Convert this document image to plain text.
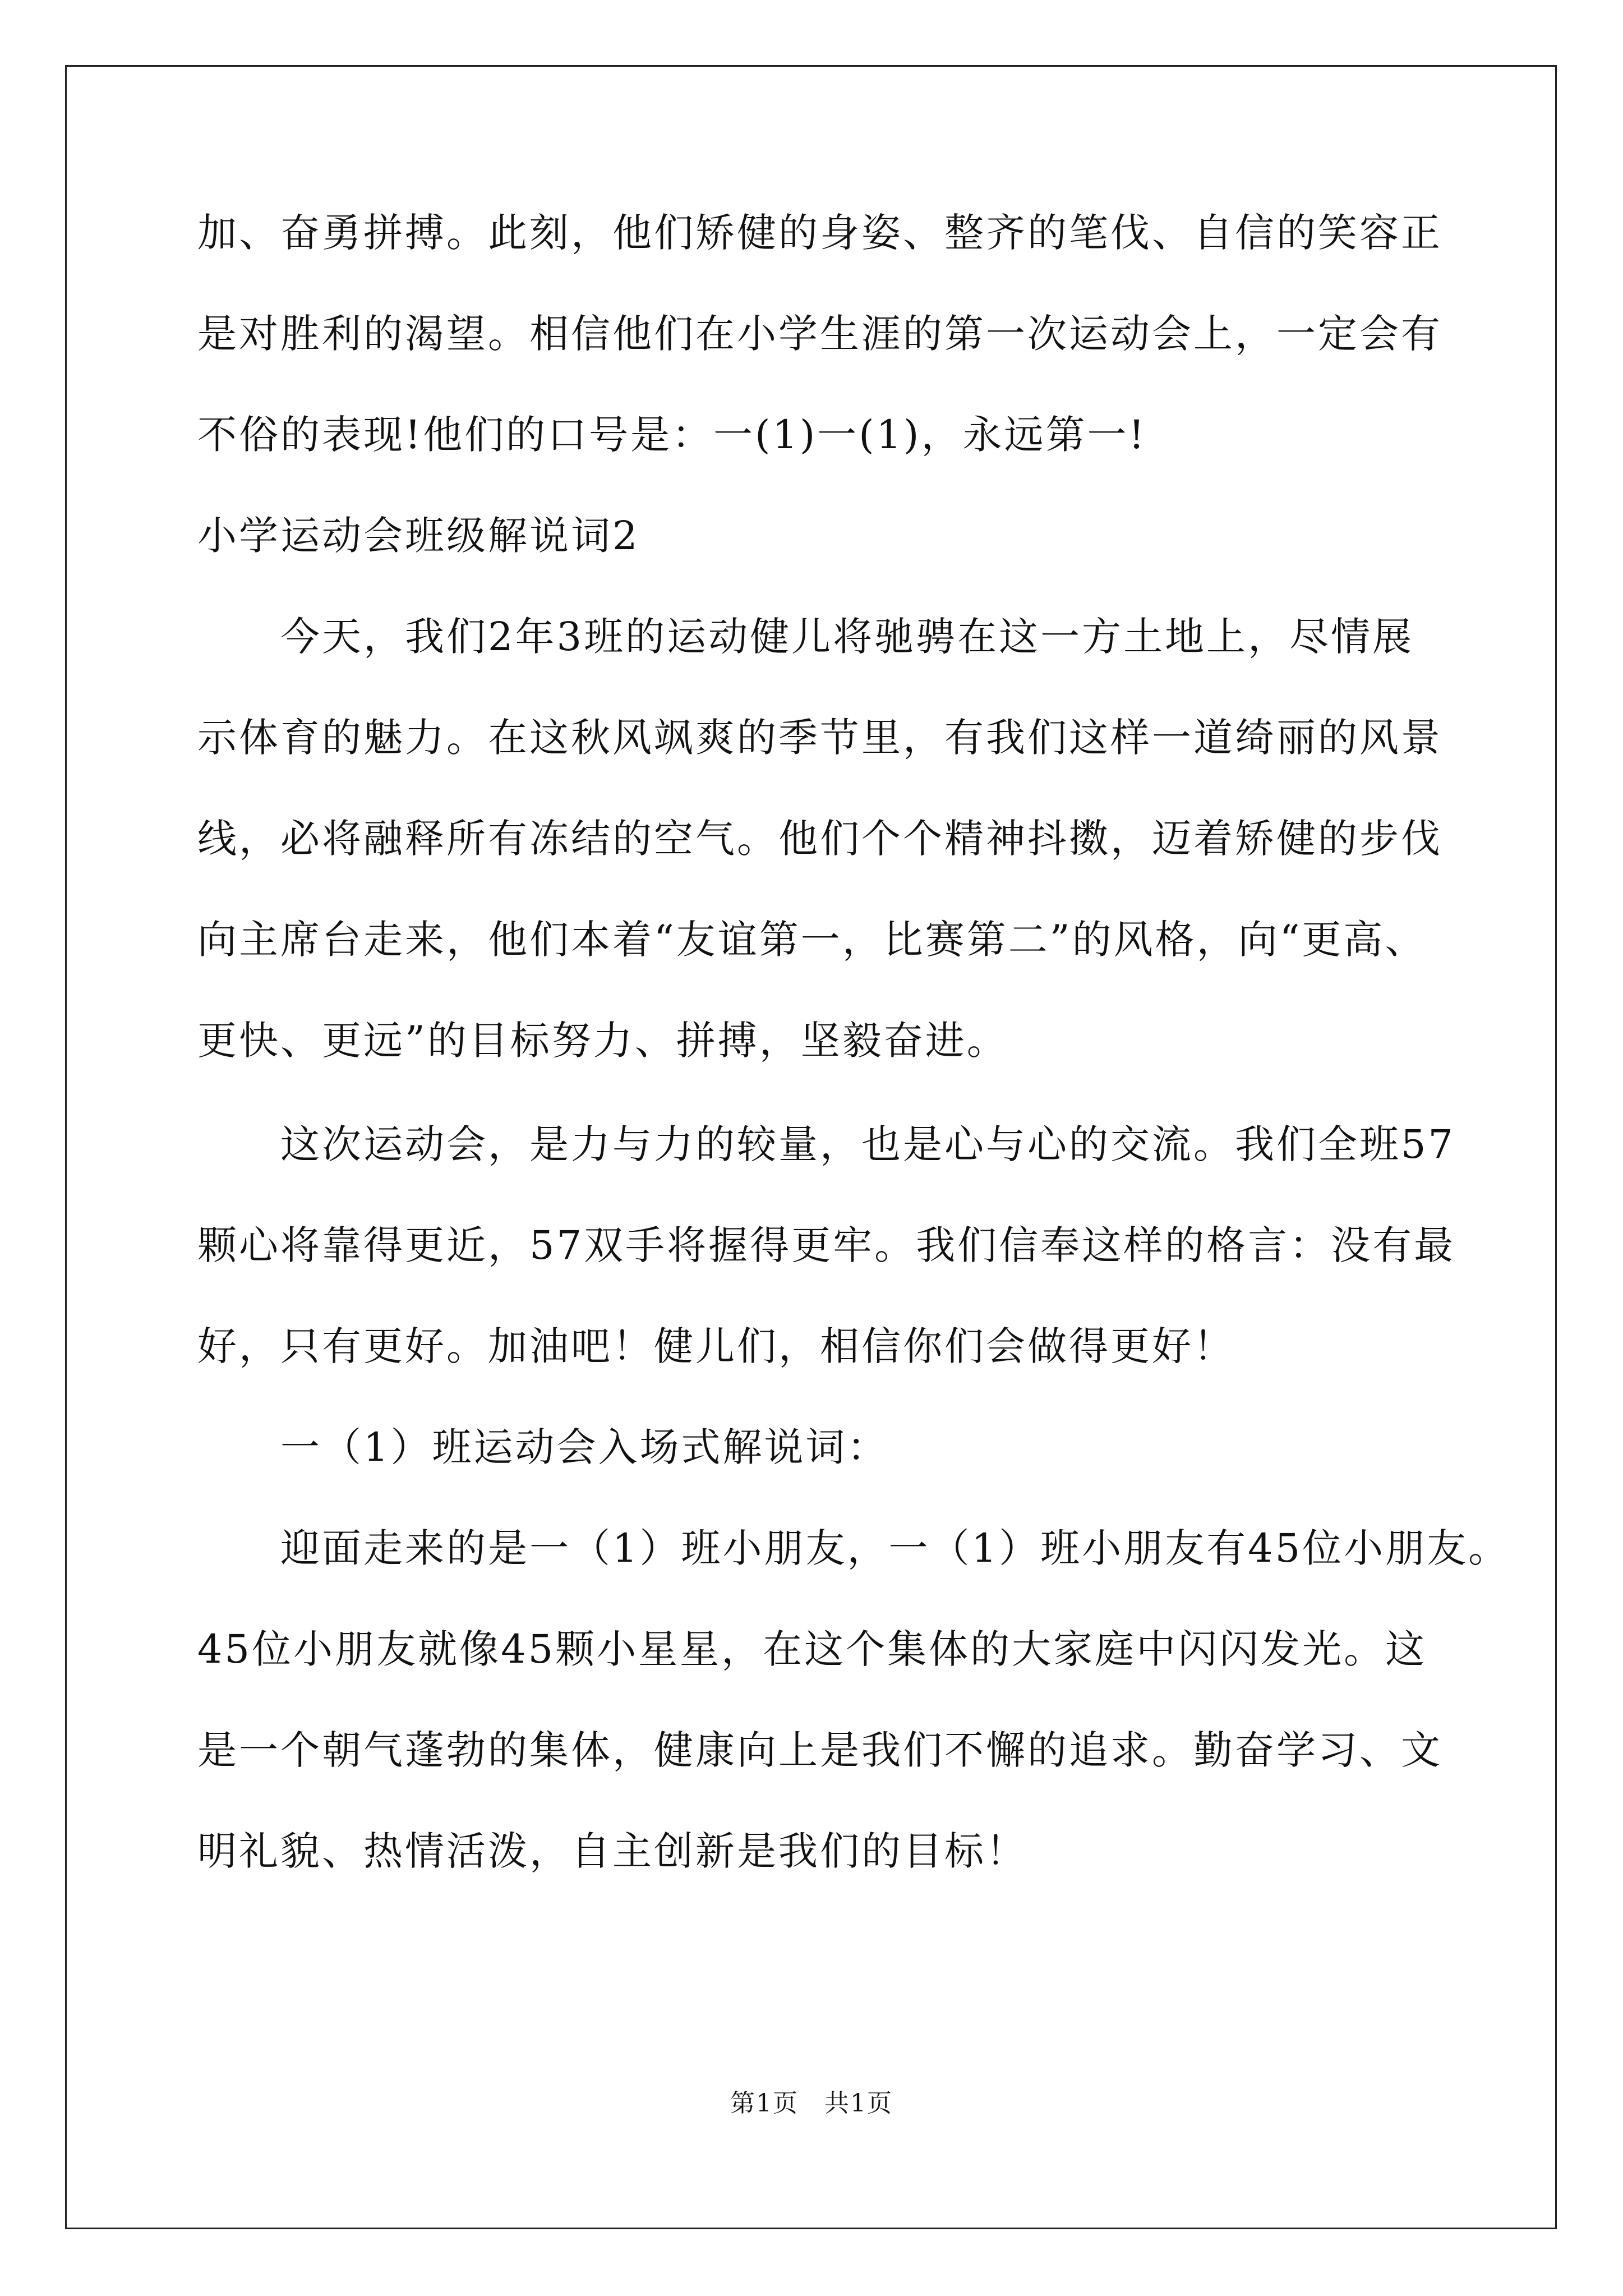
加、奋勇拼搏。此刻，他们矫健的身姿、整齐的笔伐、自信的笑容正
是对胜利的渴望。相信他们在小学生涯的第一次运动会上，一定会有
不俗的表现!他们的口号是：一(1)一(1)，永远第一!
小学运动会班级解说词2
今天，我们2年3班的运动健儿将驰骋在这一方土地上，尽情展
示体育的魅力。在这秋风飒爽的季节里，有我们这样一道绮丽的风景
线，必将融释所有冻结的空气。他们个个精神抖擞，迈着矫健的步伐
向主席台走来，他们本着“友谊第一，比赛第二”的风格，向“更高、
更快、更远”的目标努力、拼搏，坚毅奋进。
这次运动会，是力与力的较量，也是心与心的交流。我们全班57
颗心将靠得更近，57双手将握得更牢。我们信奉这样的格言：没有最
好，只有更好。加油吧！健儿们，相信你们会做得更好！
一（1）班运动会入场式解说词：
迎面走来的是一（1）班小朋友，一（1）班小朋友有45位小朋友。
45位小朋友就像45颗小星星，在这个集体的大家庭中闪闪发光。这
是一个朝气蓬勃的集体，健康向上是我们不懈的追求。勤奋学习、文
明礼貌、热情活泼，自主创新是我们的目标！
第1页　共1页
